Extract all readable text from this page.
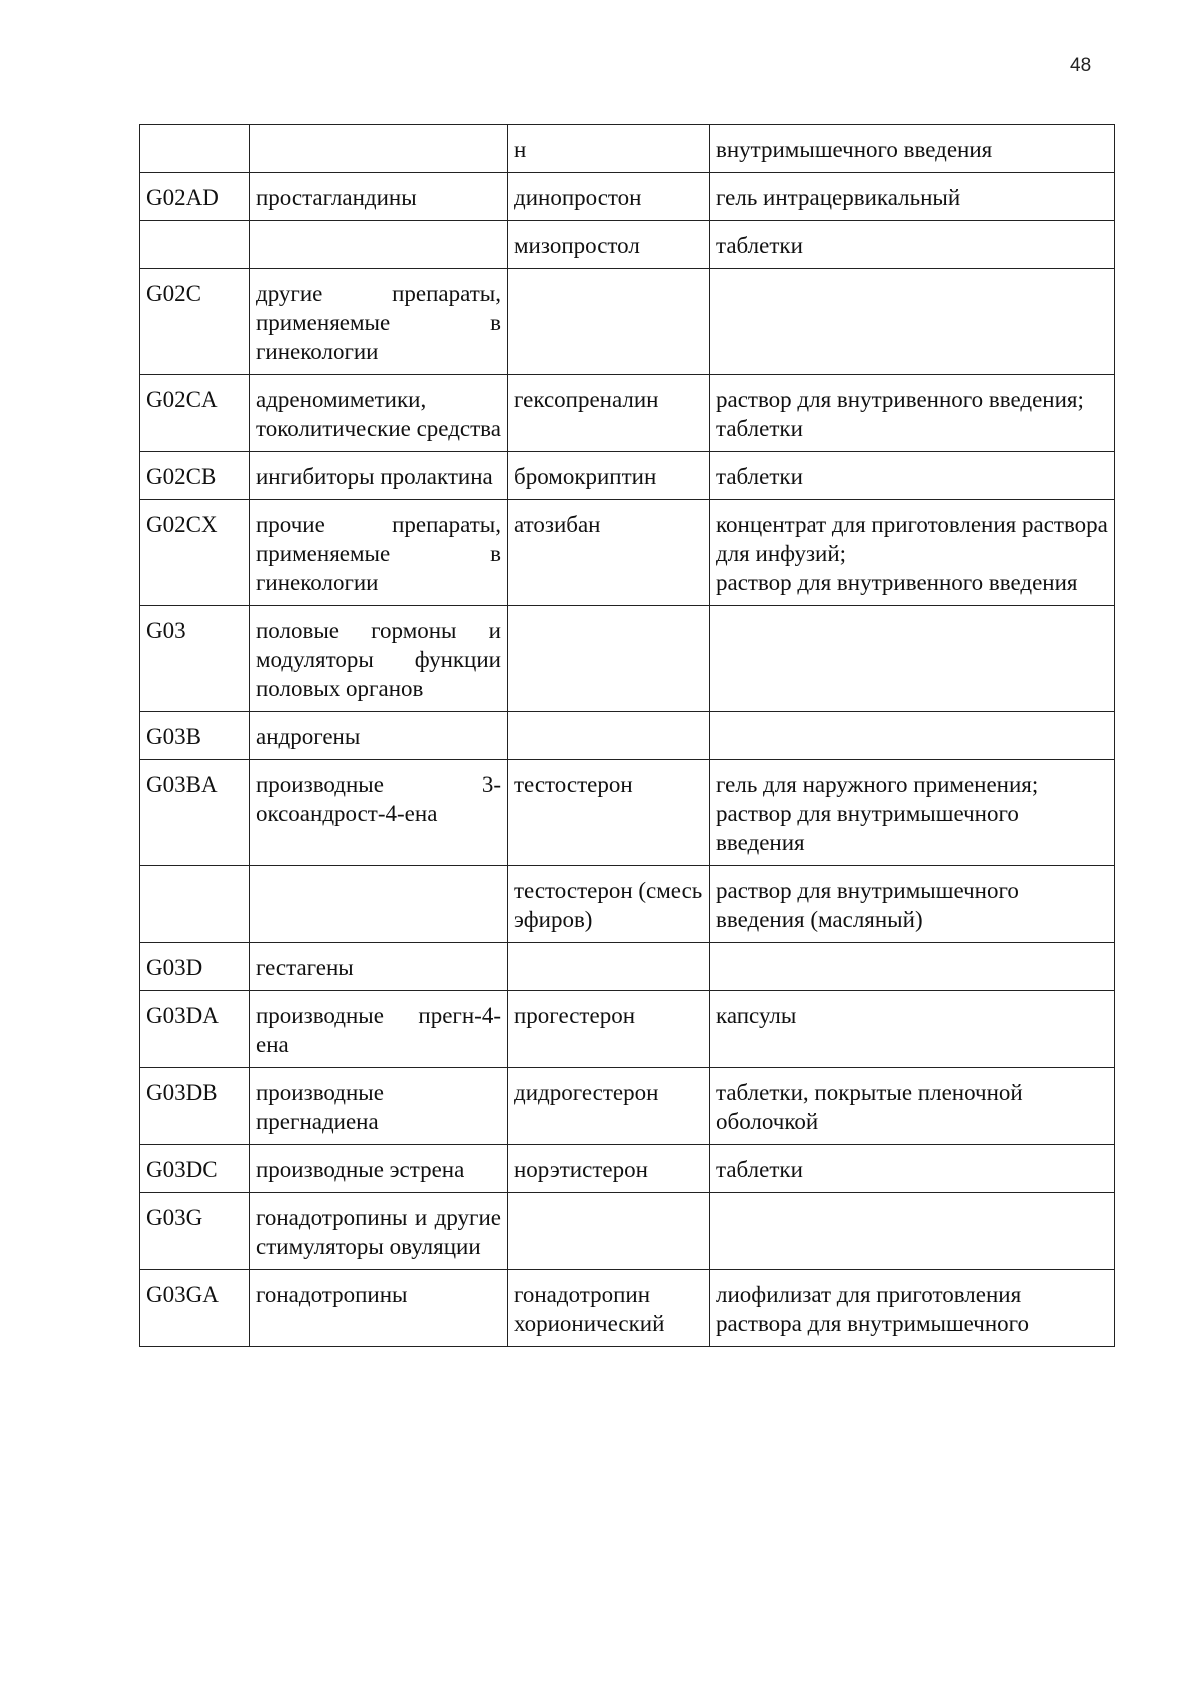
48
		н	внутримышечного введения
G02AD	простагландины	динопростон	гель интрацервикальный
		мизопростол	таблетки
G02C	другие препараты, применяемые в гинекологии		
G02CA	адреномиметики, токолитические средства	гексопреналин	раствор для внутривенного введения;
таблетки
G02CB	ингибиторы пролактина	бромокриптин	таблетки
G02CX	прочие препараты, применяемые в гинекологии	атозибан	концентрат для приготовления раствора для инфузий;
раствор для внутривенного введения
G03	половые гормоны и модуляторы функции половых органов		
G03B	андрогены		
G03BA	производные 3-оксоандрост-4-ена	тестостерон	гель для наружного применения;
раствор для внутримышечного введения
		тестостерон (смесь эфиров)	раствор для внутримышечного введения (масляный)
G03D	гестагены		
G03DA	производные прегн-4-ена	прогестерон	капсулы
G03DB	производные прегнадиена	дидрогестерон	таблетки, покрытые пленочной оболочкой
G03DC	производные эстрена	норэтистерон	таблетки
G03G	гонадотропины и другие стимуляторы овуляции		
G03GA	гонадотропины	гонадотропин хорионический	лиофилизат для приготовления раствора для внутримышечного
